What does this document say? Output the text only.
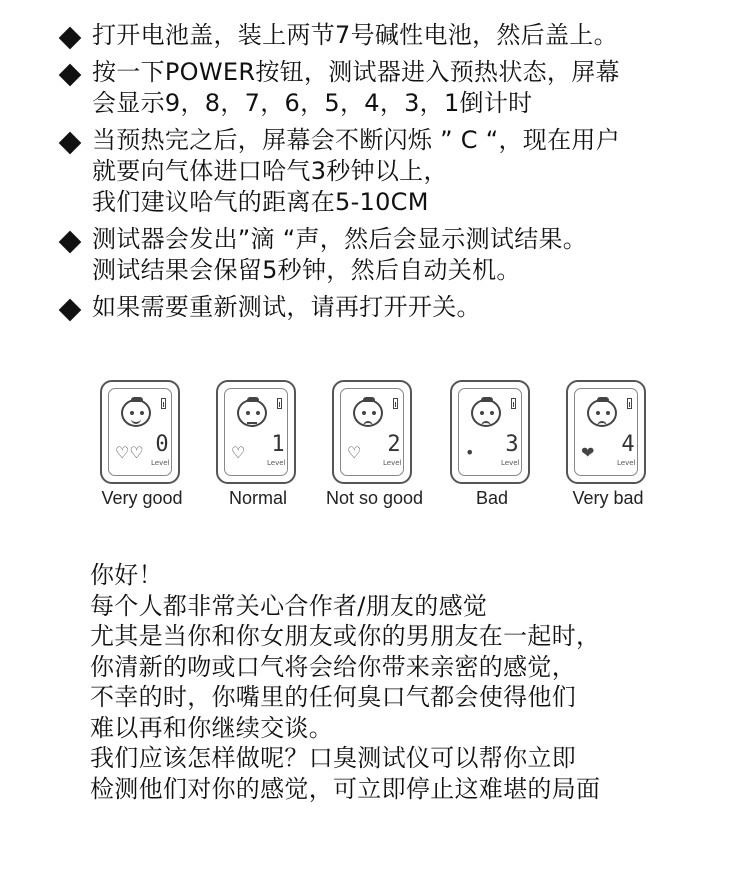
打开电池盖，装上两节7号碱性电池，然后盖上。
按一下POWER按钮，测试器进入预热状态，屏幕
会显示9，8，7，6，5，4，3，1倒计时
当预热完之后，屏幕会不断闪烁 ” C “，现在用户
就要向气体进口哈气3秒钟以上，
我们建议哈气的距离在5-10CM
测试器会发出”滴 “声，然后会显示测试结果。
测试结果会保留5秒钟，然后自动关机。
如果需要重新测试，请再打开开关。
♡♡ 0
Level
Very good
♡ 1
Level
Normal
♡ 2
Level
Not so good
• 3
Level
Bad
❤ 4
Level
Very bad
你好！
每个人都非常关心合作者/朋友的感觉
尤其是当你和你女朋友或你的男朋友在一起时，
你清新的吻或口气将会给你带来亲密的感觉，
不幸的时，你嘴里的任何臭口气都会使得他们
难以再和你继续交谈。
我们应该怎样做呢？口臭测试仪可以帮你立即
检测他们对你的感觉，可立即停止这难堪的局面
